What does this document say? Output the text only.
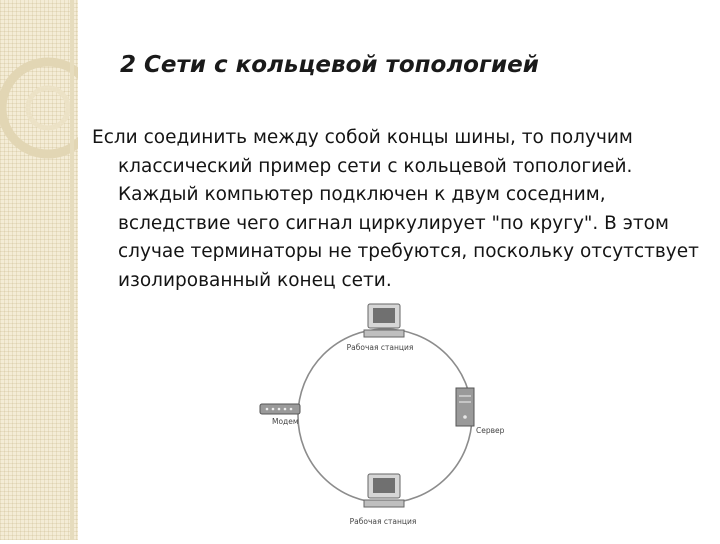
2 Сети с кольцевой топологией
Если соединить между собой концы шины, то получим классический пример сети с кольцевой топологией. Каждый компьютер подключен к двум соседним, вследствие чего сигнал циркулирует "по кругу". В этом случае терминаторы не требуются, поскольку отсутствует изолированный конец сети.
Рабочая станция
Сервер
Рабочая станция
Модем
